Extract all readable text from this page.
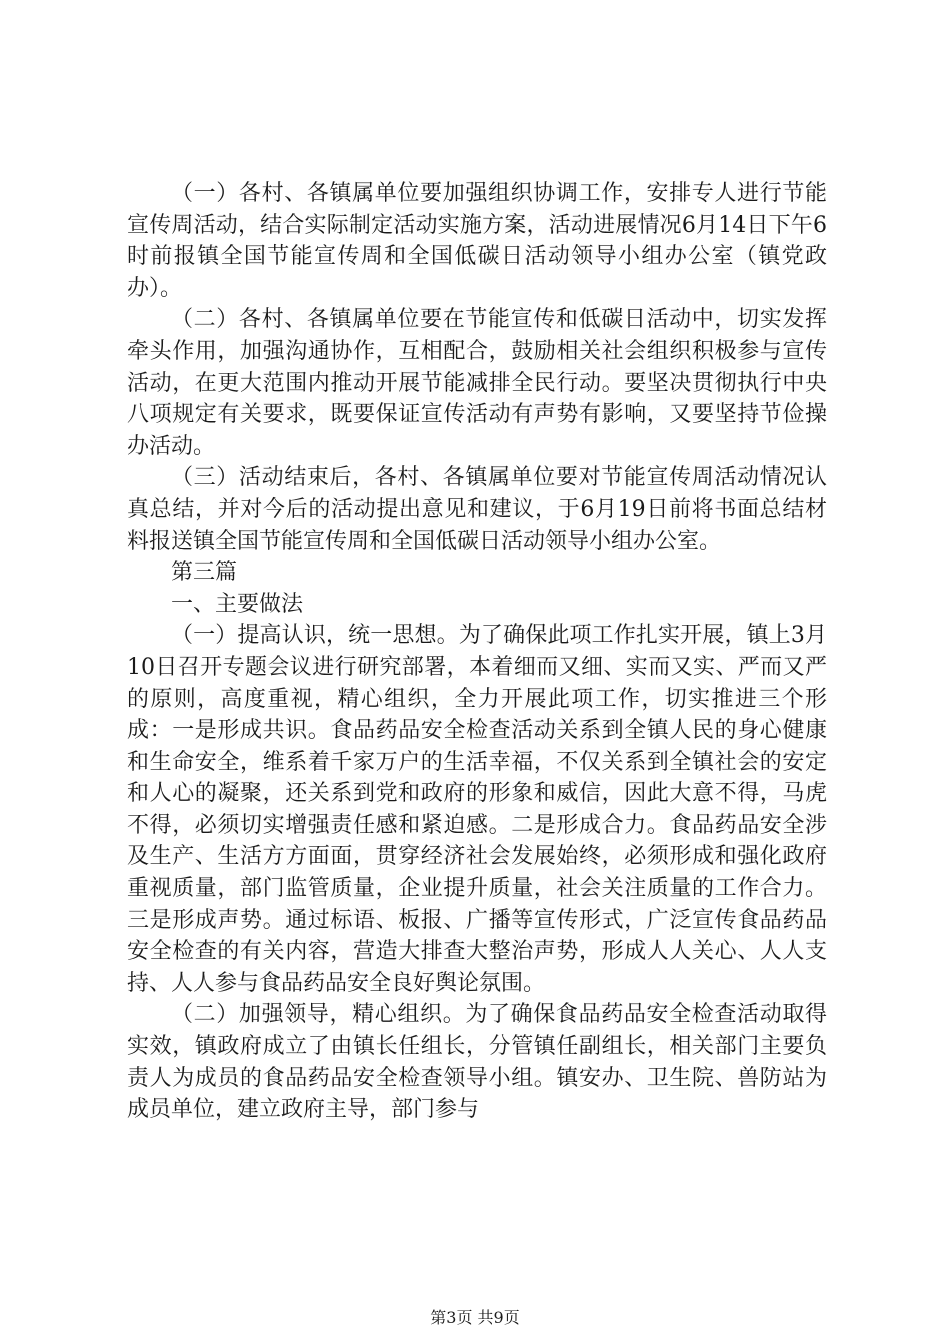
（一）各村、各镇属单位要加强组织协调工作，安排专人进行节能宣传周活动，结合实际制定活动实施方案，活动进展情况6月14日下午6时前报镇全国节能宣传周和全国低碳日活动领导小组办公室（镇党政办）。

（二）各村、各镇属单位要在节能宣传和低碳日活动中，切实发挥牵头作用，加强沟通协作，互相配合，鼓励相关社会组织积极参与宣传活动，在更大范围内推动开展节能减排全民行动。要坚决贯彻执行中央八项规定有关要求，既要保证宣传活动有声势有影响，又要坚持节俭操办活动。

（三）活动结束后，各村、各镇属单位要对节能宣传周活动情况认真总结，并对今后的活动提出意见和建议，于6月19日前将书面总结材料报送镇全国节能宣传周和全国低碳日活动领导小组办公室。

第三篇

一、主要做法

（一）提高认识，统一思想。为了确保此项工作扎实开展，镇上3月10日召开专题会议进行研究部署，本着细而又细、实而又实、严而又严的原则，高度重视，精心组织，全力开展此项工作，切实推进三个形成：一是形成共识。食品药品安全检查活动关系到全镇人民的身心健康和生命安全，维系着千家万户的生活幸福，不仅关系到全镇社会的安定和人心的凝聚，还关系到党和政府的形象和威信，因此大意不得，马虎不得，必须切实增强责任感和紧迫感。二是形成合力。食品药品安全涉及生产、生活方方面面，贯穿经济社会发展始终，必须形成和强化政府重视质量，部门监管质量，企业提升质量，社会关注质量的工作合力。三是形成声势。通过标语、板报、广播等宣传形式，广泛宣传食品药品安全检查的有关内容，营造大排查大整治声势，形成人人关心、人人支持、人人参与食品药品安全良好舆论氛围。

（二）加强领导，精心组织。为了确保食品药品安全检查活动取得实效，镇政府成立了由镇长任组长，分管镇任副组长，相关部门主要负责人为成员的食品药品安全检查领导小组。镇安办、卫生院、兽防站为成员单位，建立政府主导，部门参与

第3页 共9页
